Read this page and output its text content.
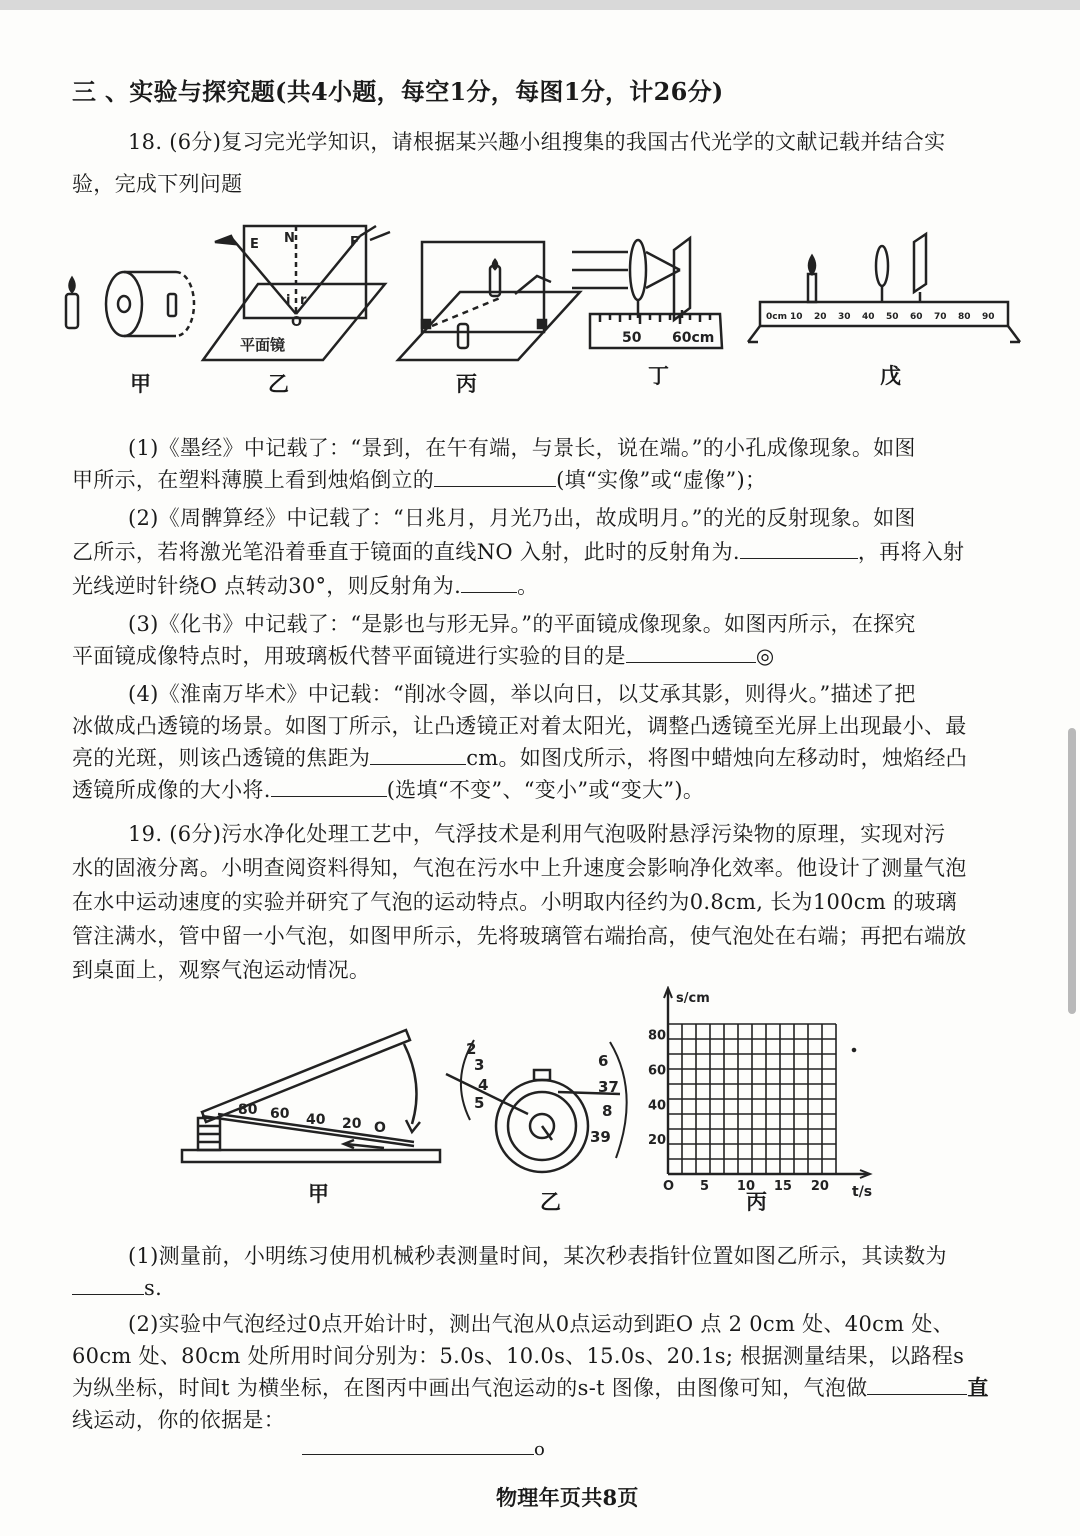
三 、实验与探究题(共4小题，每空1分，每图1分，计26分)
18. (6分)复习完光学知识，请根据某兴趣小组搜集的我国古代光学的文献记载并结合实
验，完成下列问题
E N	F
O
i r
平面镜	50 60cm
0cm 10 20 30 40 50 60 70 80 90
甲	乙	丙	丁	戊
(1)《墨经》中记载了：“景到，在午有端，与景长，说在端。”的小孔成像现象。如图
甲所示，在塑料薄膜上看到烛焰倒立的	(填“实像”或“虚像”)；
(2)《周髀算经》中记载了：“日兆月，月光乃出，故成明月。”的光的反射现象。如图
乙所示，若将激光笔沿着垂直于镜面的直线NO 入射，此时的反射角为.	，再将入射
光线逆时针绕O 点转动30°，则反射角为.	。
(3)《化书》中记载了：“是影也与形无异。”的平面镜成像现象。如图丙所示，在探究
平面镜成像特点时，用玻璃板代替平面镜进行实验的目的是	◎
(4)《淮南万毕术》中记载：“削冰令圆，举以向日，以艾承其影，则得火。”描述了把
冰做成凸透镜的场景。如图丁所示，让凸透镜正对着太阳光，调整凸透镜至光屏上出现最小、最
亮的光斑，则该凸透镜的焦距为	cm。如图戊所示，将图中蜡烛向左移动时，烛焰经凸
透镜所成像的大小将.	(选填“不变”、“变小”或“变大”)。
19. (6分)污水净化处理工艺中，气浮技术是利用气泡吸附悬浮污染物的原理，实现对污
水的固液分离。小明查阅资料得知，气泡在污水中上升速度会影响净化效率。他设计了测量气泡
在水中运动速度的实验并研究了气泡的运动特点。小明取内径约为0.8cm, 长为100cm 的玻璃
管注满水，管中留一小气泡，如图甲所示，先将玻璃管右端抬高，使气泡处在右端；再把右端放
到桌面上，观察气泡运动情况。
80 60 40 20 O
2
3
4
5
6
37
8
39
80
60
40
20
O 5 10 15 20
s/cm
t/s
甲	乙	丙
(1)测量前，小明练习使用机械秒表测量时间，某次秒表指针位置如图乙所示，其读数为
s.
(2)实验中气泡经过0点开始计时，测出气泡从0点运动到距O 点 2 0cm 处、40cm 处、
60cm 处、80cm 处所用时间分别为：5.0s、10.0s、15.0s、20.1s; 根据测量结果，以路程s
为纵坐标，时间t 为横坐标，在图丙中画出气泡运动的s-t 图像，由图像可知，气泡做	直
线运动，你的依据是：
o
物理年页共8页
